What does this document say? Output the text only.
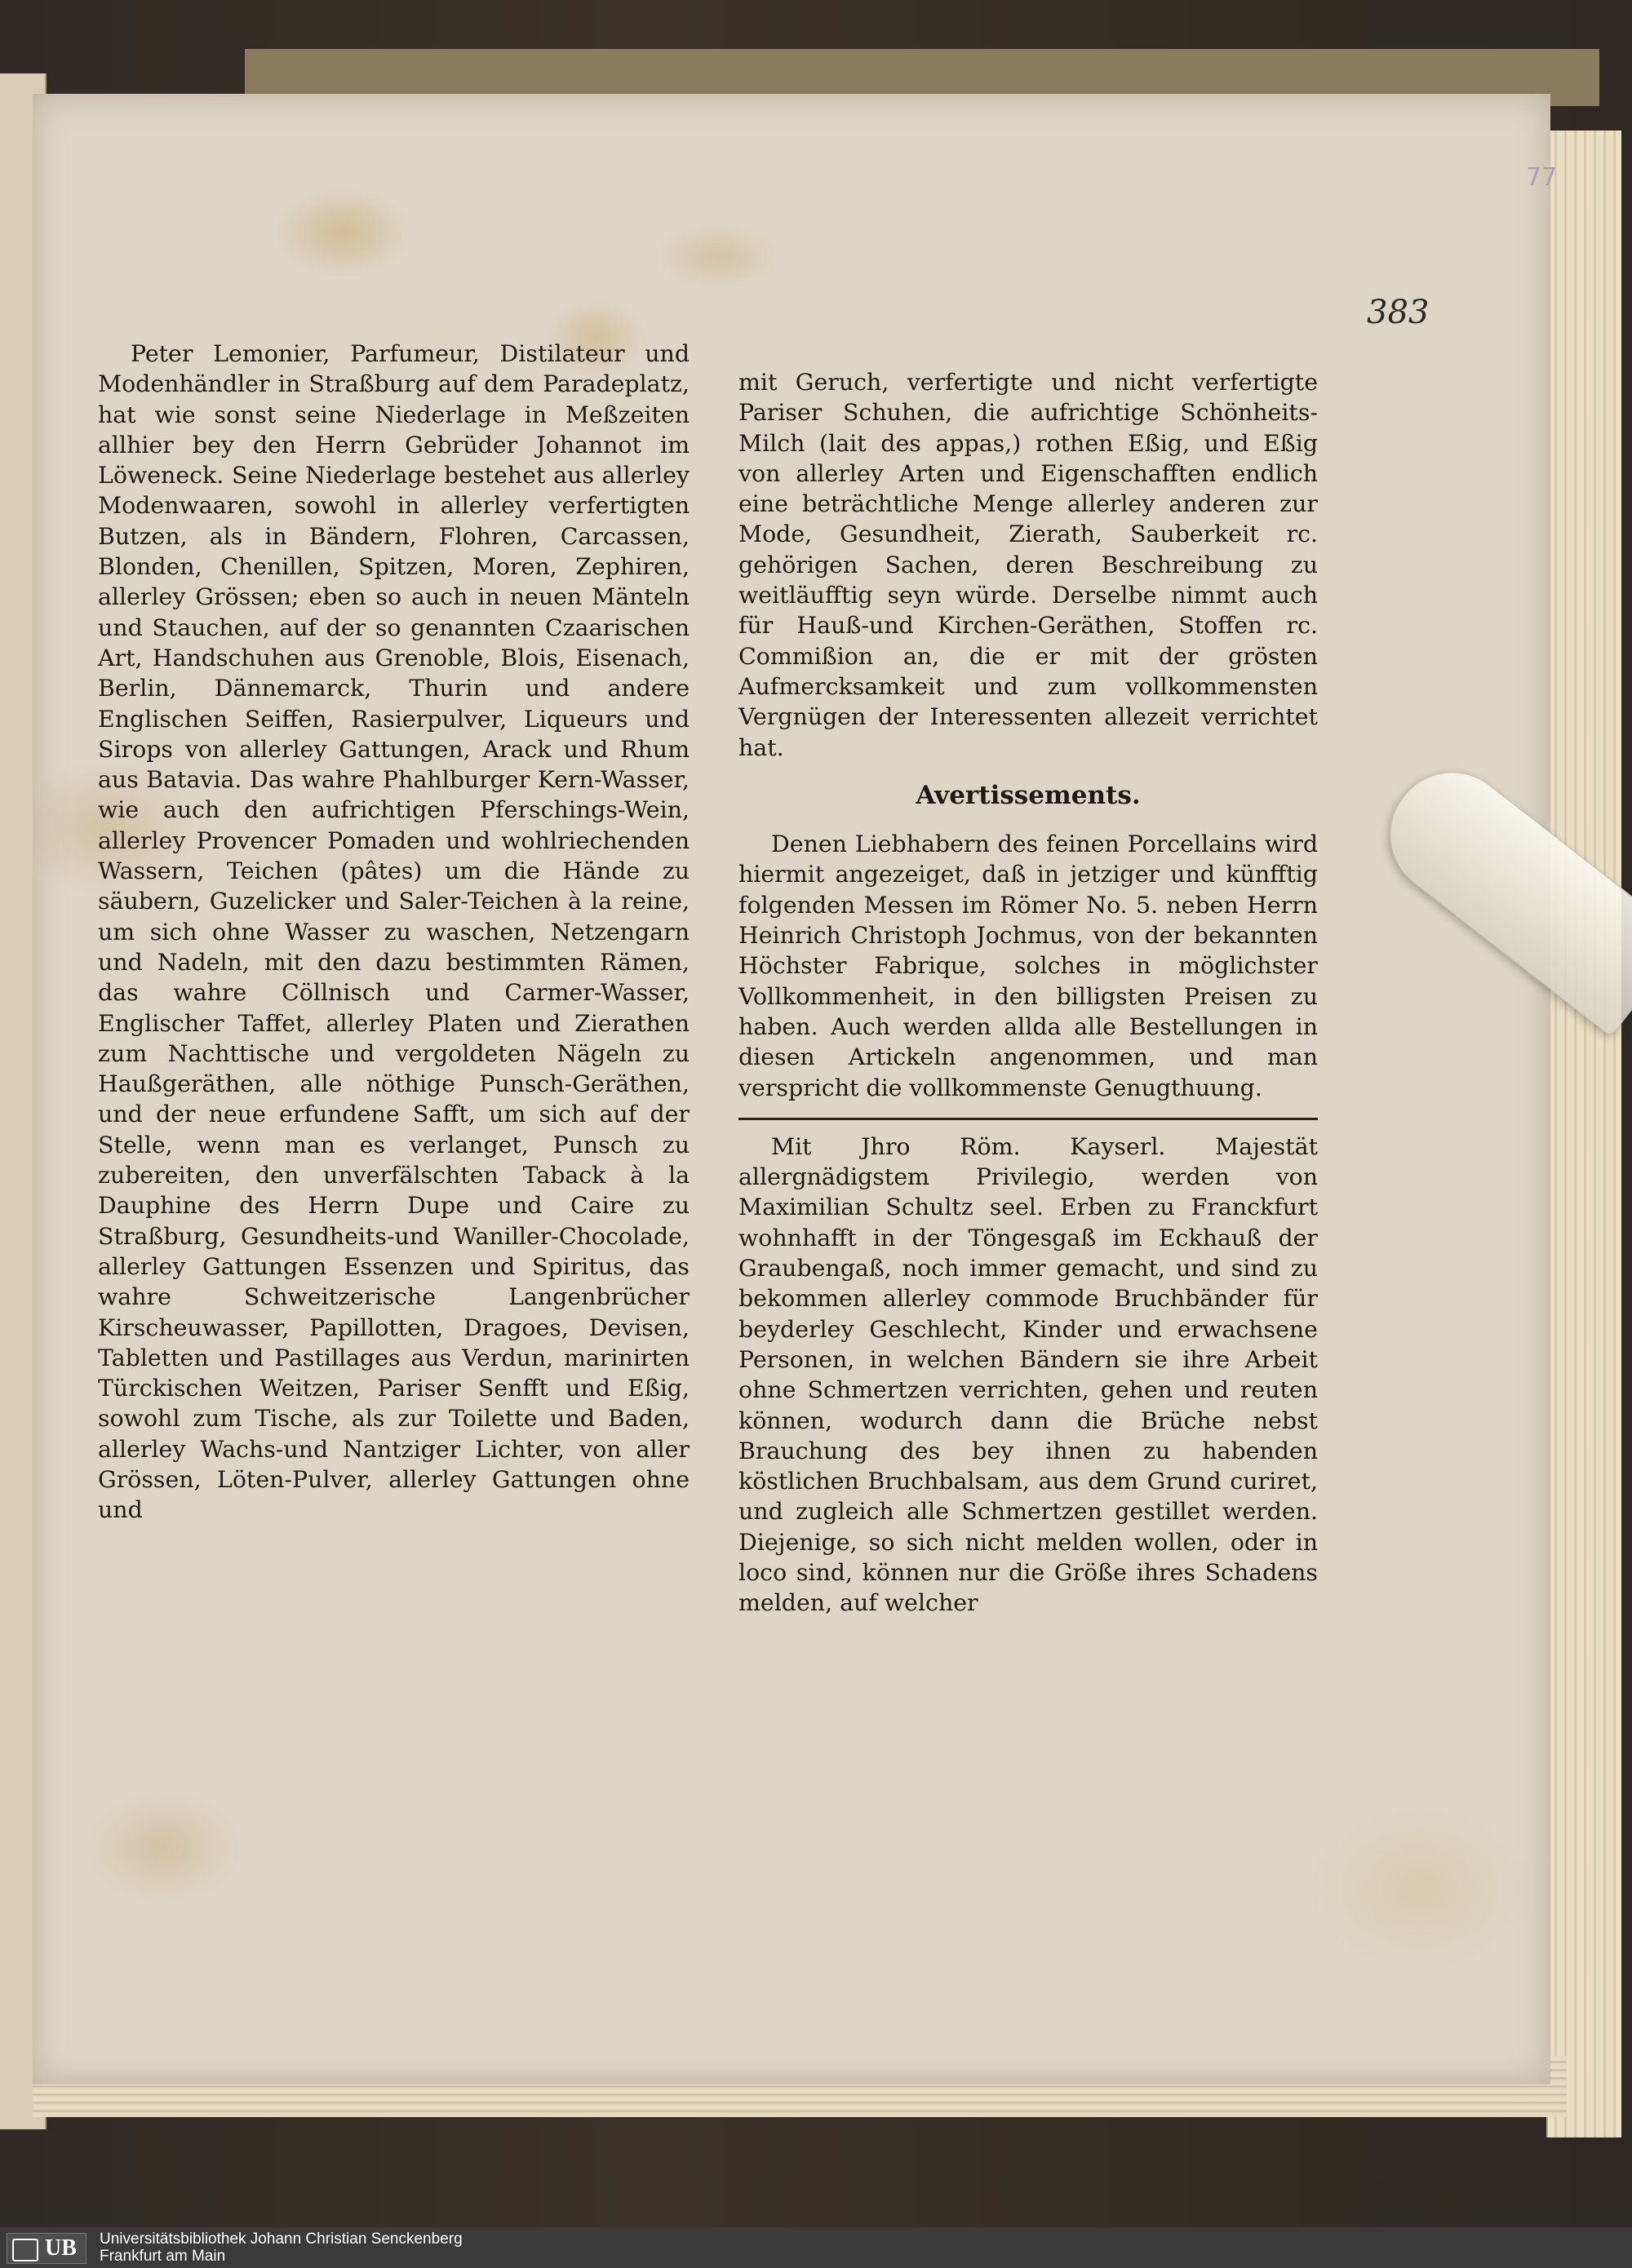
77
383

Peter Lemonier, Parfumeur, Distilateur und Modenhändler in Straßburg auf dem Paradeplatz, hat wie sonst seine Niederlage in Meßzeiten allhier bey den Herrn Gebrüder Johannot im Löweneck. Seine Niederlage bestehet aus allerley Modenwaaren, sowohl in allerley verfertigten Butzen, als in Bändern, Flohren, Carcassen, Blonden, Chenillen, Spitzen, Moren, Zephiren, allerley Grössen; eben so auch in neuen Mänteln und Stauchen, auf der so genannten Czaarischen Art, Handschuhen aus Grenoble, Blois, Eisenach, Berlin, Dännemarck, Thurin und andere Englischen Seiffen, Rasierpulver, Liqueurs und Sirops von allerley Gattungen, Arack und Rhum aus Batavia. Das wahre Phahlburger Kern-Wasser, wie auch den aufrichtigen Pferschings-Wein, allerley Provencer Pomaden und wohlriechenden Wassern, Teichen (pâtes) um die Hände zu säubern, Guzelicker und Saler-Teichen à la reine, um sich ohne Wasser zu waschen, Netzengarn und Nadeln, mit den dazu bestimmten Rämen, das wahre Cöllnisch und Carmer-Wasser, Englischer Taffet, allerley Platen und Zierathen zum Nachttische und vergoldeten Nägeln zu Haußgeräthen, alle nöthige Punsch-Geräthen, und der neue erfundene Safft, um sich auf der Stelle, wenn man es verlanget, Punsch zu zubereiten, den unverfälschten Taback à la Dauphine des Herrn Dupe und Caire zu Straßburg, Gesundheits-und Waniller-Chocolade, allerley Gattungen Essenzen und Spiritus, das wahre Schweitzerische Langenbrücher Kirscheuwasser, Papillotten, Dragoes, Devisen, Tabletten und Pastillages aus Verdun, marinirten Türckischen Weitzen, Pariser Senfft und Eßig, sowohl zum Tische, als zur Toilette und Baden, allerley Wachs-und Nantziger Lichter, von aller Grössen, Löten-Pulver, allerley Gattungen ohne und

mit Geruch, verfertigte und nicht verfertigte Pariser Schuhen, die aufrichtige Schönheits-Milch (lait des appas,) rothen Eßig, und Eßig von allerley Arten und Eigenschafften endlich eine beträchtliche Menge allerley anderen zur Mode, Gesundheit, Zierath, Sauberkeit rc. gehörigen Sachen, deren Beschreibung zu weitläufftig seyn würde. Derselbe nimmt auch für Hauß-und Kirchen-Geräthen, Stoffen rc. Commißion an, die er mit der grösten Aufmercksamkeit und zum vollkommensten Vergnügen der Interessenten allezeit verrichtet hat.

Avertissements.

Denen Liebhabern des feinen Porcellains wird hiermit angezeiget, daß in jetziger und künfftig folgenden Messen im Römer No. 5. neben Herrn Heinrich Christoph Jochmus, von der bekannten Höchster Fabrique, solches in möglichster Vollkommenheit, in den billigsten Preisen zu haben. Auch werden allda alle Bestellungen in diesen Artickeln angenommen, und man verspricht die vollkommenste Genugthuung.

Mit Jhro Röm. Kayserl. Majestät allergnädigstem Privilegio, werden von Maximilian Schultz seel. Erben zu Franckfurt wohnhafft in der Töngesgaß im Eckhauß der Graubengaß, noch immer gemacht, und sind zu bekommen allerley commode Bruchbänder für beyderley Geschlecht, Kinder und erwachsene Personen, in welchen Bändern sie ihre Arbeit ohne Schmertzen verrichten, gehen und reuten können, wodurch dann die Brüche nebst Brauchung des bey ihnen zu habenden köstlichen Bruchbalsam, aus dem Grund curiret, und zugleich alle Schmertzen gestillet werden. Diejenige, so sich nicht melden wollen, oder in loco sind, können nur die Größe ihres Schadens melden, auf welcher

UB Universitätsbibliothek Johann Christian Senckenberg
Frankfurt am Main
